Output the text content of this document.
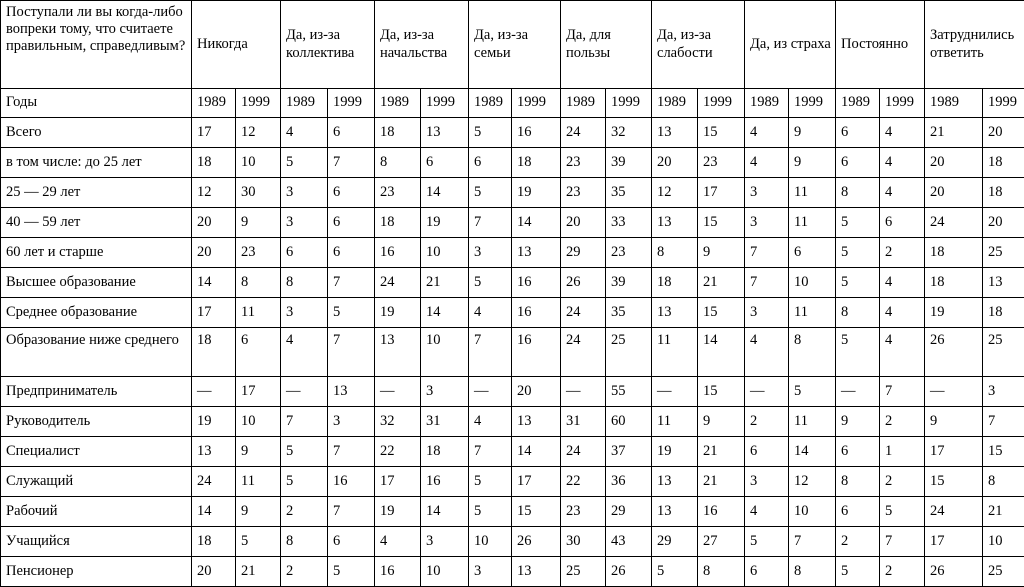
Поступали ли вы когда-либо вопреки тому, что считаете правильным, справедливым?	Никогда		Да, из-за коллектива		Да, из-за начальства		Да, из-за семьи		Да, для пользы		Да, из-за слабости		Да, из страха		Постоянно		Затруднились ответить	
Годы	1989	1999	1989	1999	1989	1999	1989	1999	1989	1999	1989	1999	1989	1999	1989	1999	1989	1999
Всего	17	12	4	6	18	13	5	16	24	32	13	15	4	9	6	4	21	20
в том числе: до 25 лет	18	10	5	7	8	6	6	18	23	39	20	23	4	9	6	4	20	18
25 — 29 лет	12	30	3	6	23	14	5	19	23	35	12	17	3	11	8	4	20	18
40 — 59 лет	20	9	3	6	18	19	7	14	20	33	13	15	3	11	5	6	24	20
60 лет и старше	20	23	6	6	16	10	3	13	29	23	8	9	7	6	5	2	18	25
Высшее образование	14	8	8	7	24	21	5	16	26	39	18	21	7	10	5	4	18	13
Среднее образование	17	11	3	5	19	14	4	16	24	35	13	15	3	11	8	4	19	18
Образование ниже среднего	18	6	4	7	13	10	7	16	24	25	11	14	4	8	5	4	26	25
Предприниматель	—	17	—	13	—	3	—	20	—	55	—	15	—	5	—	7	—	3
Руководитель	19	10	7	3	32	31	4	13	31	60	11	9	2	11	9	2	9	7
Специалист	13	9	5	7	22	18	7	14	24	37	19	21	6	14	6	1	17	15
Служащий	24	11	5	16	17	16	5	17	22	36	13	21	3	12	8	2	15	8
Рабочий	14	9	2	7	19	14	5	15	23	29	13	16	4	10	6	5	24	21
Учащийся	18	5	8	6	4	3	10	26	30	43	29	27	5	7	2	7	17	10
Пенсионер	20	21	2	5	16	10	3	13	25	26	5	8	6	8	5	2	26	25
